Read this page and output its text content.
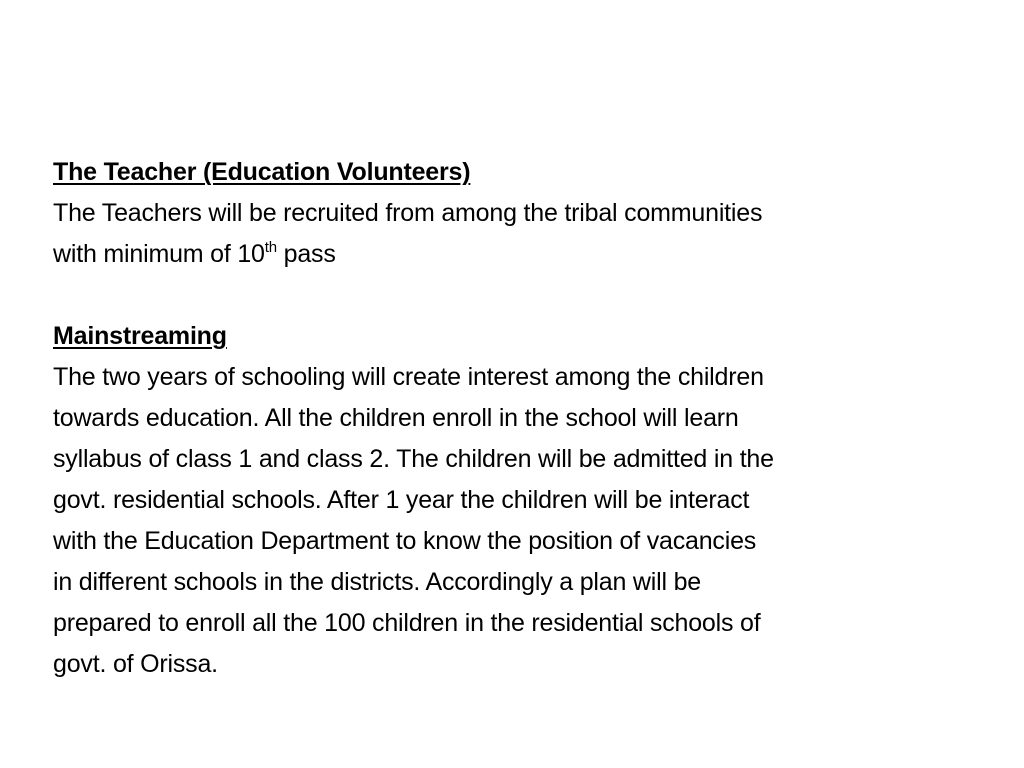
The Teacher (Education Volunteers)
The Teachers will be recruited from among the tribal communities
with minimum of 10th pass
Mainstreaming
The two years of schooling will create interest among the children
towards education. All the children enroll in the school will learn
syllabus of class 1 and class 2. The children will be admitted in the
govt. residential schools. After 1 year the children will be interact
with the Education Department to know the position of vacancies
in different schools in the districts. Accordingly a plan will be
prepared to enroll all the 100 children in the residential schools of
govt. of Orissa.
